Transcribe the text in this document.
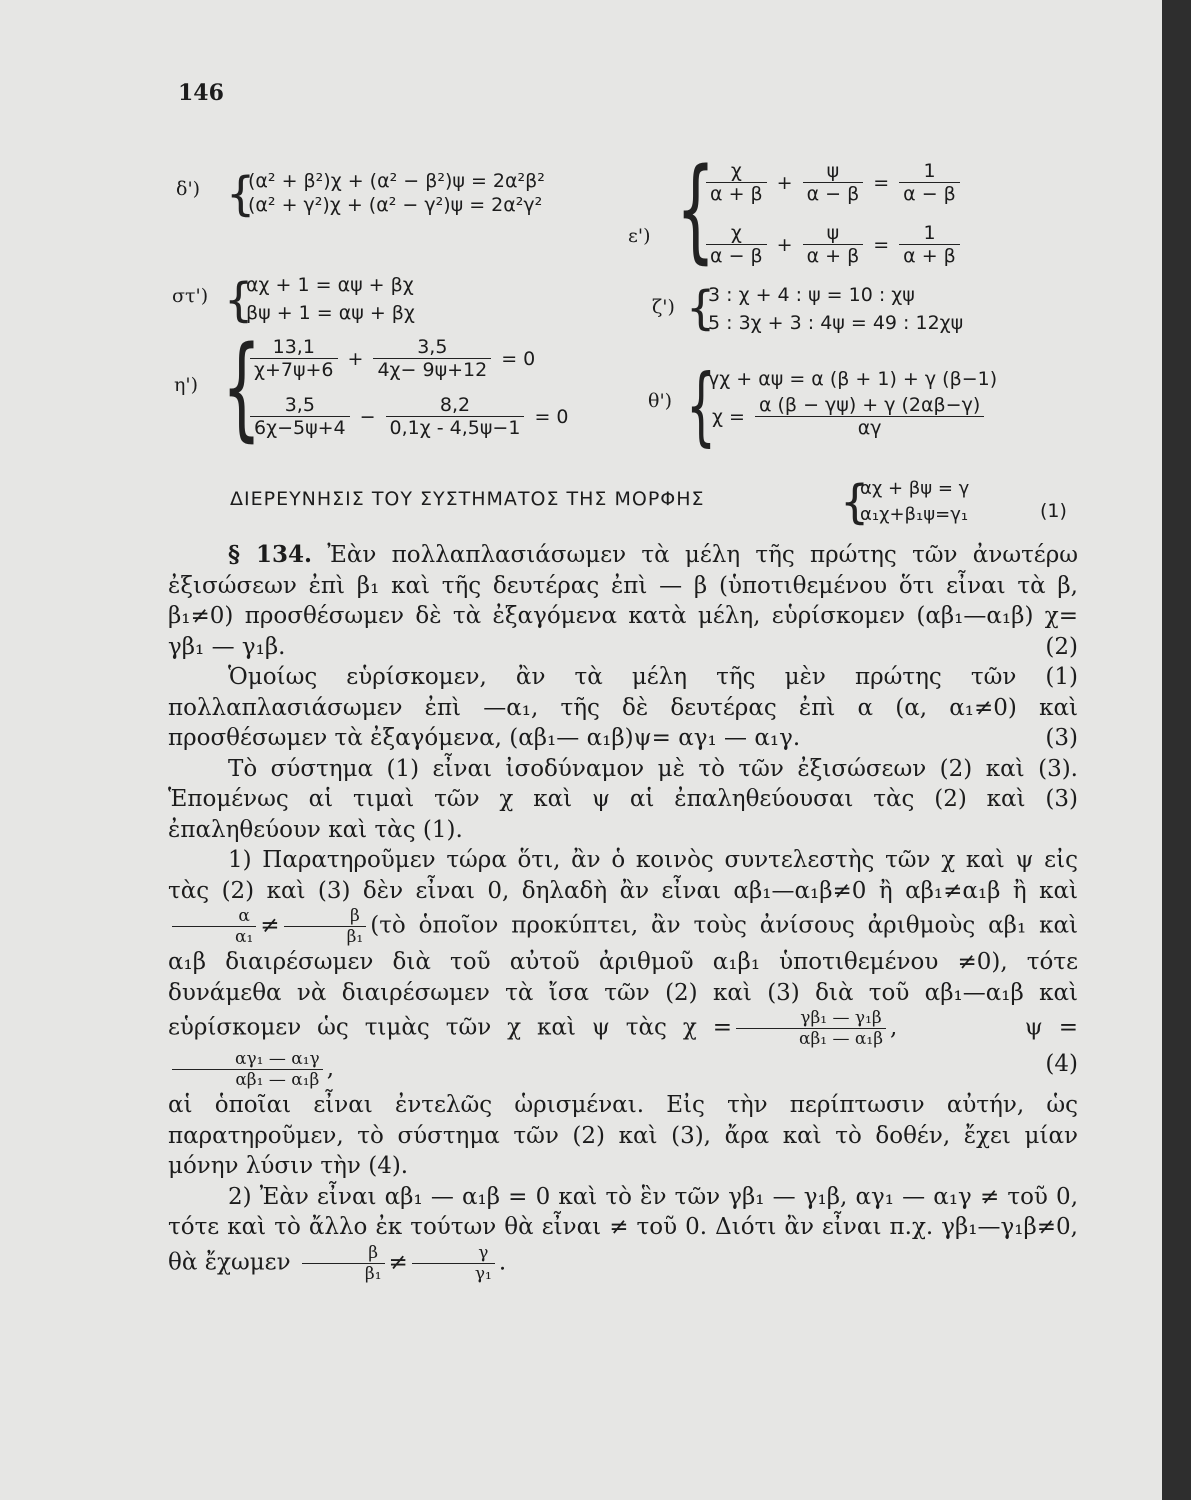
146
δ') {
(α² + β²)χ + (α² − β²)ψ = 2α²β²
(α² + γ²)χ + (α² − γ²)ψ = 2α²γ²
ε') {
$\frac{\chi}{\alpha + \beta} + \frac{\psi}{\alpha - \beta} = \frac{1}{\alpha - \beta}$
$\frac{\chi}{\alpha - \beta} + \frac{\psi}{\alpha + \beta} = \frac{1}{\alpha + \beta}$
στ') {
αχ + 1 = αψ + βχ
βψ + 1 = αψ + βχ	ζ') {
3 : χ + 4 : ψ = 10 : χψ
5 : 3χ + 3 : 4ψ = 49 : 12χψ
η') {
$\frac{13,1}{\chi+7\psi+6} + \frac{3,5}{4\chi- 9\psi+12} = 0$
$\frac{3,5}{6\chi-5\psi+4} - \frac{8,2}{0,1\chi - 4,5\psi-1} = 0$
θ') {
γχ + αψ = α (β + 1) + γ (β−1)
$\chi = \frac{\alpha (\beta - \gamma\psi) + \gamma (2\alpha\beta-\gamma)}{\alpha\gamma}$
ΔΙΕΡΕΥΝΗΣΙΣ ΤΟΥ ΣΥΣΤΗΜΑΤΟΣ ΤΗΣ ΜΟΡΦΗΣ	{
αχ + βψ = γ
α₁χ+β₁ψ=γ₁	(1)

§ 134. Ἐὰν πολλαπλασιάσωμεν τὰ μέλη τῆς πρώτης τῶν ἀνωτέρω ἐξισώσεων ἐπὶ β₁ καὶ τῆς δευτέρας ἐπὶ — β (ὑποτιθεμένου ὅτι εἶναι τὰ β, β₁≠0) προσθέσωμεν δὲ τὰ ἐξαγόμενα κατὰ μέλη, εὑρίσκομεν (αβ₁—α₁β) χ= γβ₁ — γ₁β.	(2)

Ὁμοίως εὑρίσκομεν, ἂν τὰ μέλη τῆς μὲν πρώτης τῶν (1) πολλαπλασιάσωμεν ἐπὶ —α₁, τῆς δὲ δευτέρας ἐπὶ α (α, α₁≠0) καὶ προσθέσωμεν τὰ ἐξαγόμενα, (αβ₁— α₁β)ψ= αγ₁ — α₁γ.	(3)

Τὸ σύστημα (1) εἶναι ἰσοδύναμον μὲ τὸ τῶν ἐξισώσεων (2) καὶ (3). Ἑπομένως αἱ τιμαὶ τῶν χ καὶ ψ αἱ ἐπαληθεύουσαι τὰς (2) καὶ (3) ἐπαληθεύουν καὶ τὰς (1).

1) Παρατηροῦμεν τώρα ὅτι, ἂν ὁ κοινὸς συντελεστὴς τῶν χ καὶ ψ εἰς τὰς (2) καὶ (3) δὲν εἶναι 0, δηλαδὴ ἂν εἶναι αβ₁—α₁β≠0 ἢ αβ₁≠α₁β ἢ καὶ
$\frac{\alpha}{\text{α₁}} \ne \frac{\beta}{\text{β₁}}$ (τὸ ὁποῖον προκύπτει, ἂν τοὺς ἀνίσους ἀριθμοὺς αβ₁ καὶ α₁β διαιρέσωμεν διὰ τοῦ αὐτοῦ ἀριθμοῦ α₁β₁ ὑποτιθεμένου ≠0), τότε δυνάμεθα νὰ διαιρέσωμεν τὰ ἴσα τῶν (2) καὶ (3) διὰ τοῦ αβ₁—α₁β καὶ εὑρίσκομεν ὡς τιμὰς τῶν χ καὶ ψ τὰς $\chi = \frac{\text{γβ₁ — γ₁β}}{\text{αβ₁ — α₁β}}$ ,        ψ =
$\frac{\text{αγ₁ — α₁γ}}{\text{αβ₁ — α₁β}}$ ,	(4)

αἱ ὁποῖαι εἶναι ἐντελῶς ὡρισμέναι. Εἰς τὴν περίπτωσιν αὐτήν, ὡς παρατηροῦμεν, τὸ σύστημα τῶν (2) καὶ (3), ἄρα καὶ τὸ δοθέν, ἔχει μίαν μόνην λύσιν τὴν (4).

2) Ἐὰν εἶναι αβ₁ — α₁β = 0 καὶ τὸ ἓν τῶν γβ₁ — γ₁β, αγ₁ — α₁γ ≠ τοῦ 0, τότε καὶ τὸ ἄλλο ἐκ τούτων θὰ εἶναι ≠ τοῦ 0. Διότι ἂν εἶναι π.χ. γβ₁—γ₁β≠0, θὰ ἔχωμεν $\frac{\beta}{\text{β₁}} \ne \frac{\gamma}{\text{γ₁}}$ .
